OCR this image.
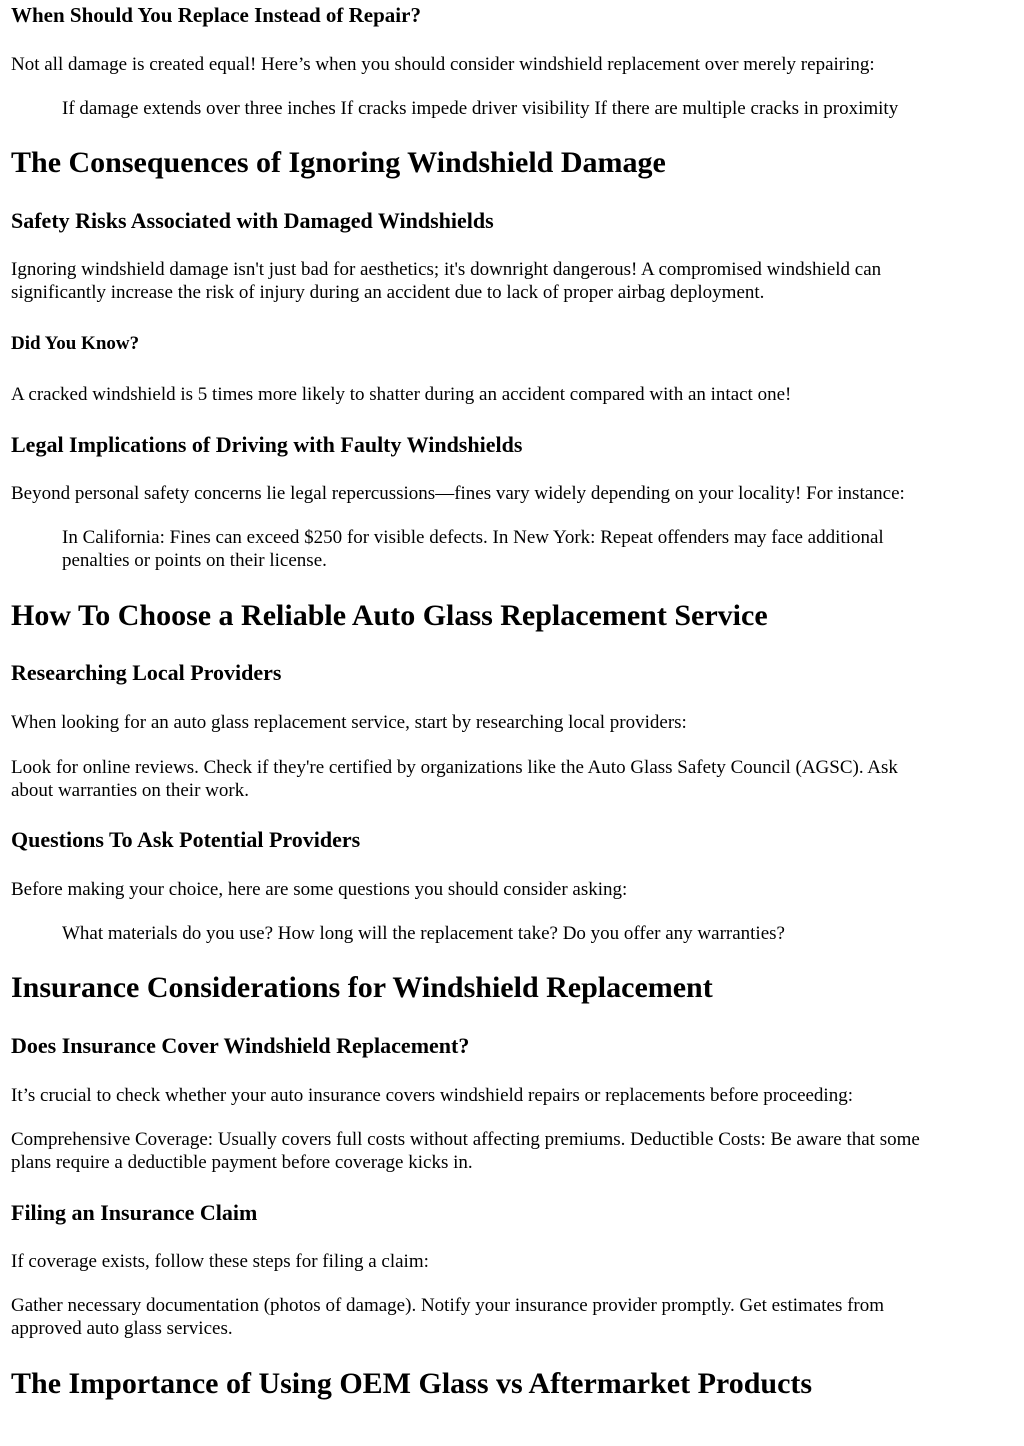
When Should You Replace Instead of Repair?

Not all damage is created equal! Here’s when you should consider windshield replacement over merely repairing:

If damage extends over three inches If cracks impede driver visibility If there are multiple cracks in proximity

The Consequences of Ignoring Windshield Damage
Safety Risks Associated with Damaged Windshields

Ignoring windshield damage isn't just bad for aesthetics; it's downright dangerous! A compromised windshield can

significantly increase the risk of injury during an accident due to lack of proper airbag deployment.

Did You Know?

A cracked windshield is 5 times more likely to shatter during an accident compared with an intact one!

Legal Implications of Driving with Faulty Windshields

Beyond personal safety concerns lie legal repercussions—fines vary widely depending on your locality! For instance:

In California: Fines can exceed $250 for visible defects. In New York: Repeat offenders may face additional

penalties or points on their license.

How To Choose a Reliable Auto Glass Replacement Service
Researching Local Providers

When looking for an auto glass replacement service, start by researching local providers:

Look for online reviews. Check if they're certified by organizations like the Auto Glass Safety Council (AGSC). Ask

about warranties on their work.

Questions To Ask Potential Providers

Before making your choice, here are some questions you should consider asking:

What materials do you use? How long will the replacement take? Do you offer any warranties?

Insurance Considerations for Windshield Replacement
Does Insurance Cover Windshield Replacement?

It’s crucial to check whether your auto insurance covers windshield repairs or replacements before proceeding:

Comprehensive Coverage: Usually covers full costs without affecting premiums. Deductible Costs: Be aware that some

plans require a deductible payment before coverage kicks in.

Filing an Insurance Claim

If coverage exists, follow these steps for filing a claim:

Gather necessary documentation (photos of damage). Notify your insurance provider promptly. Get estimates from

approved auto glass services.

The Importance of Using OEM Glass vs Aftermarket Products
